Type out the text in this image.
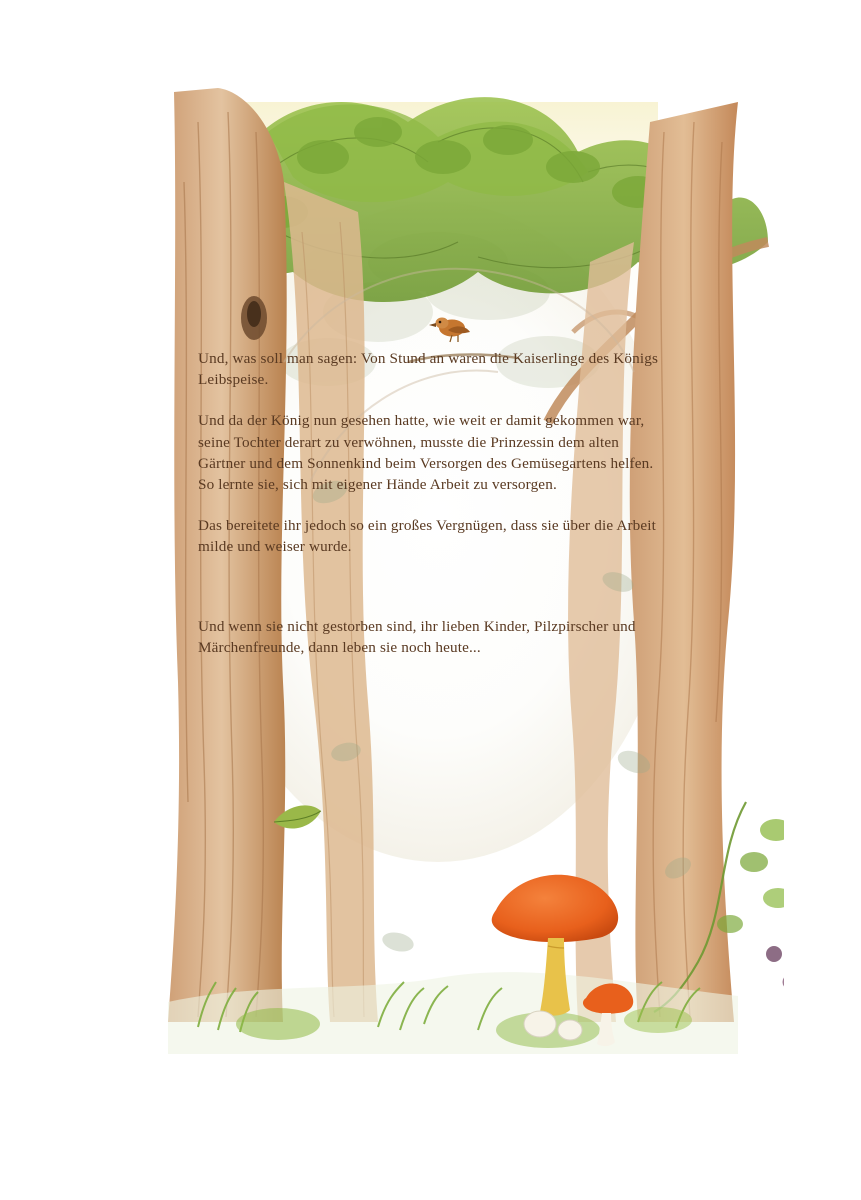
Und, was soll man sagen: Von Stund an waren die Kaiserlinge des Königs Leibspeise.

Und da der König nun gesehen hatte, wie weit er damit gekommen war, seine Tochter derart zu verwöhnen, musste die Prinzessin dem alten Gärtner und dem Sonnenkind beim Versorgen des Gemüsegartens helfen. So lernte sie, sich mit eigener Hände Arbeit zu versorgen.

Das bereitete ihr jedoch so ein großes Vergnügen, dass sie über die Arbeit milde und weiser wurde.

Und wenn sie nicht gestorben sind, ihr lieben Kinder, Pilzpirscher und Märchenfreunde, dann leben sie noch heute...
